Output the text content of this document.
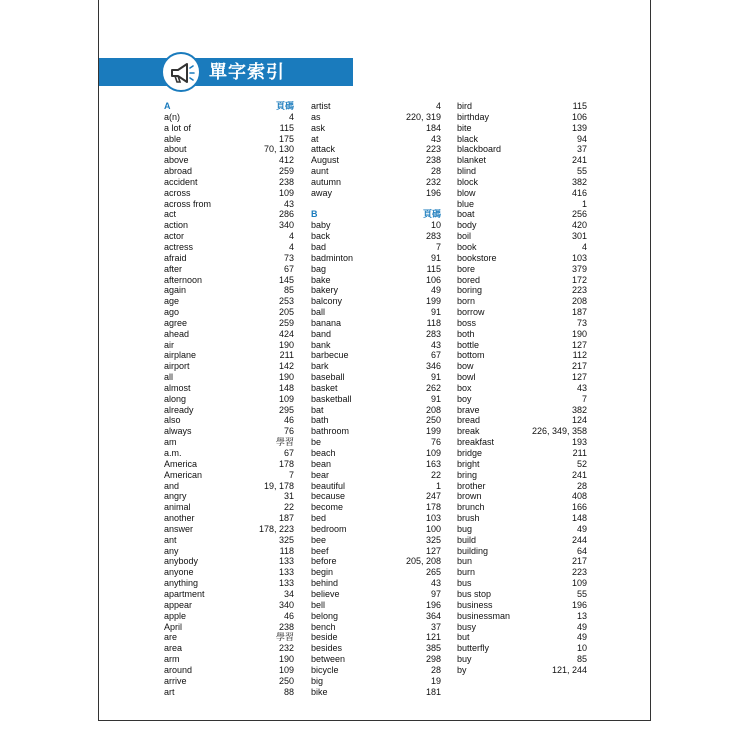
單字索引
A	頁碼
a(n)	4
a lot of	115
able	175
about	70, 130
above	412
abroad	259
accident	238
across	109
across from	43
act	286
action	340
actor	4
actress	4
afraid	73
after	67
afternoon	145
again	85
age	253
ago	205
agree	259
ahead	424
air	190
airplane	211
airport	142
all	190
almost	148
along	109
already	295
also	46
always	76
am	學習
a.m.	67
America	178
American	7
and	19, 178
angry	31
animal	22
another	187
answer	178, 223
ant	325
any	118
anybody	133
anyone	133
anything	133
apartment	34
appear	340
apple	46
April	238
are	學習
area	232
arm	190
around	109
arrive	250
art	88
artist	4
as	220, 319
ask	184
at	43
attack	223
August	238
aunt	28
autumn	232
away	196
B	頁碼
baby	10
back	283
bad	7
badminton	91
bag	115
bake	106
bakery	49
balcony	199
ball	91
banana	118
band	283
bank	43
barbecue	67
bark	346
baseball	91
basket	262
basketball	91
bat	208
bath	250
bathroom	199
be	76
beach	109
bean	163
bear	22
beautiful	1
because	247
become	178
bed	103
bedroom	100
bee	325
beef	127
before	205, 208
begin	265
behind	43
believe	97
bell	196
belong	364
bench	37
beside	121
besides	385
between	298
bicycle	28
big	19
bike	181
bird	115
birthday	106
bite	139
black	94
blackboard	37
blanket	241
blind	55
block	382
blow	416
blue	1
boat	256
body	420
boil	301
book	4
bookstore	103
bore	379
bored	172
boring	223
born	208
borrow	187
boss	73
both	190
bottle	127
bottom	112
bow	217
bowl	127
box	43
boy	7
brave	382
bread	124
break	226, 349, 358
breakfast	193
bridge	211
bright	52
bring	241
brother	28
brown	408
brunch	166
brush	148
bug	49
build	244
building	64
bun	217
burn	223
bus	109
bus stop	55
business	196
businessman	13
busy	49
but	49
butterfly	10
buy	85
by	121, 244
